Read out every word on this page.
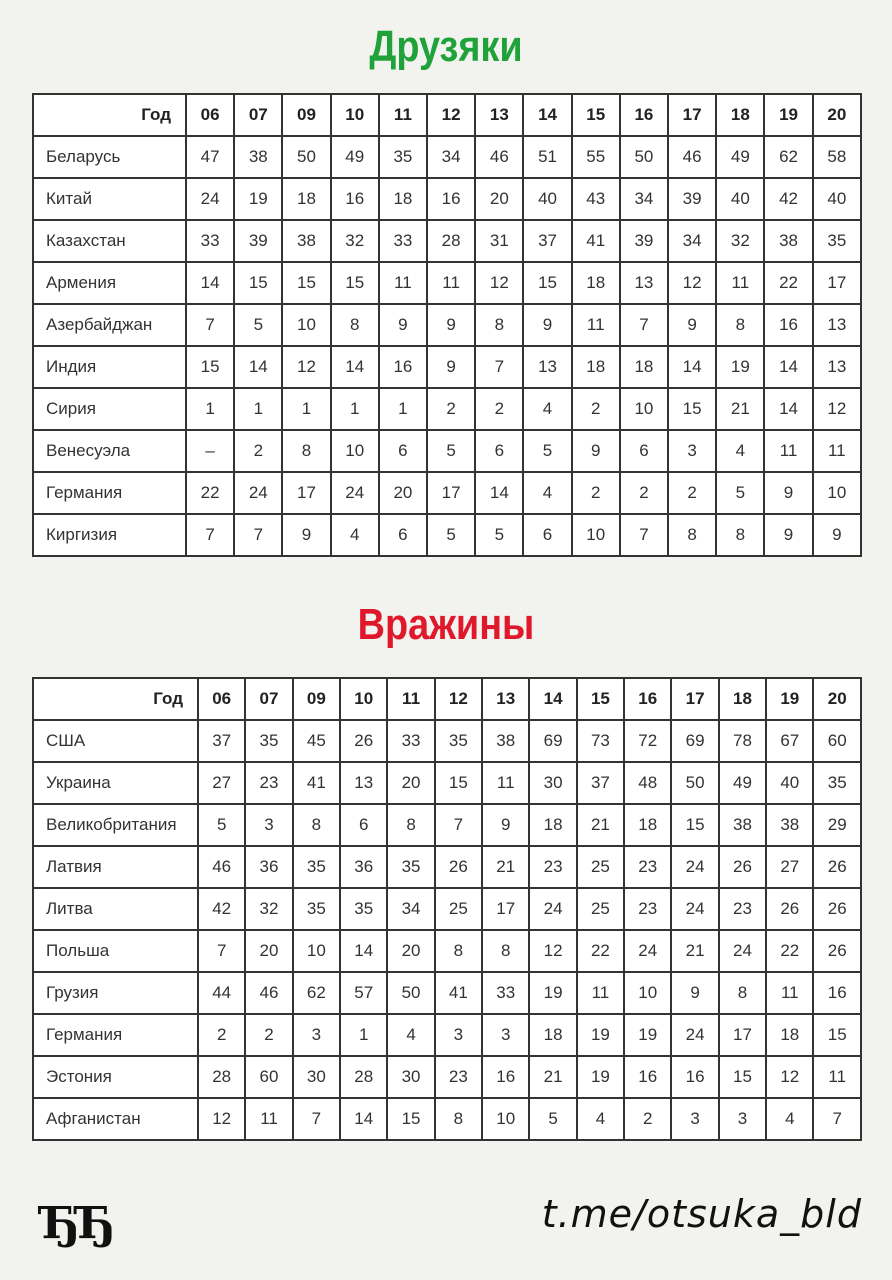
Друзяки
Год	06	07	09	10	11	12	13	14	15	16	17	18	19	20
Беларусь	47	38	50	49	35	34	46	51	55	50	46	49	62	58
Китай	24	19	18	16	18	16	20	40	43	34	39	40	42	40
Казахстан	33	39	38	32	33	28	31	37	41	39	34	32	38	35
Армения	14	15	15	15	11	11	12	15	18	13	12	11	22	17
Азербайджан	7	5	10	8	9	9	8	9	11	7	9	8	16	13
Индия	15	14	12	14	16	9	7	13	18	18	14	19	14	13
Сирия	1	1	1	1	1	2	2	4	2	10	15	21	14	12
Венесуэла	–	2	8	10	6	5	6	5	9	6	3	4	11	11
Германия	22	24	17	24	20	17	14	4	2	2	2	5	9	10
Киргизия	7	7	9	4	6	5	5	6	10	7	8	8	9	9
Вражины
Год	06	07	09	10	11	12	13	14	15	16	17	18	19	20
США	37	35	45	26	33	35	38	69	73	72	69	78	67	60
Украина	27	23	41	13	20	15	11	30	37	48	50	49	40	35
Великобритания	5	3	8	6	8	7	9	18	21	18	15	38	38	29
Латвия	46	36	35	36	35	26	21	23	25	23	24	26	27	26
Литва	42	32	35	35	34	25	17	24	25	23	24	23	26	26
Польша	7	20	10	14	20	8	8	12	22	24	21	24	22	26
Грузия	44	46	62	57	50	41	33	19	11	10	9	8	11	16
Германия	2	2	3	1	4	3	3	18	19	19	24	17	18	15
Эстония	28	60	30	28	30	23	16	21	19	16	16	15	12	11
Афганистан	12	11	7	14	15	8	10	5	4	2	3	3	4	7
ЂЂ	t.me/otsuka_bld
